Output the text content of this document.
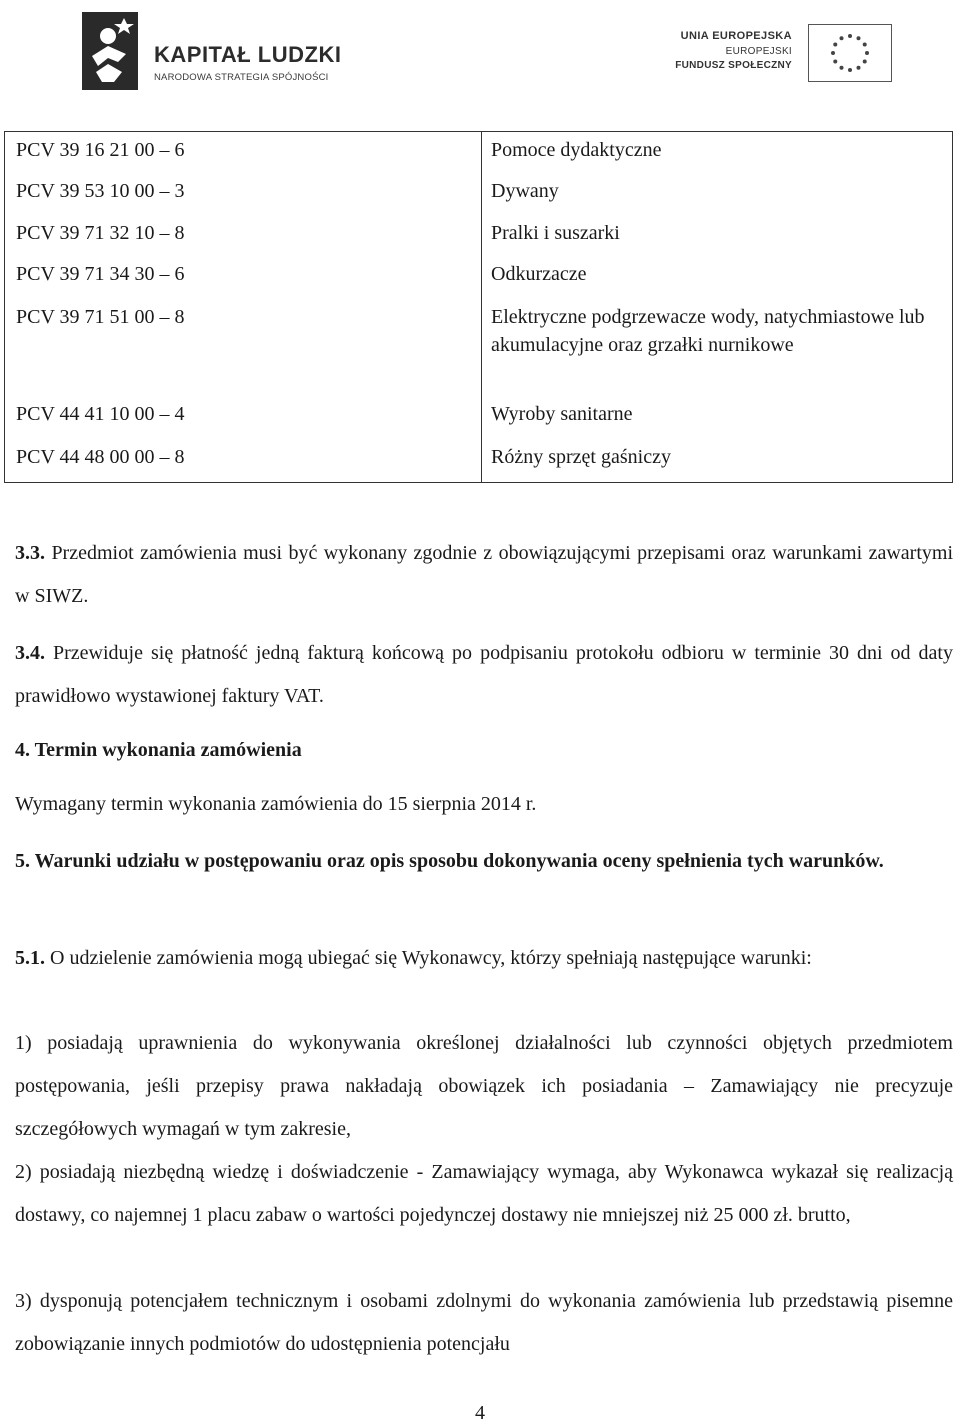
KAPITAŁ LUDZKI
NARODOWA STRATEGIA SPÓJNOŚCI
UNIA EUROPEJSKA
EUROPEJSKI
FUNDUSZ SPOŁECZNY
PCV 39 16 21 00 – 6	Pomoce dydaktyczne
PCV 39 53 10 00 – 3	Dywany
PCV 39 71 32 10 – 8	Pralki i suszarki
PCV 39 71 34 30 – 6	Odkurzacze
PCV 39 71 51 00 – 8	Elektryczne podgrzewacze wody, natychmiastowe lub akumulacyjne oraz grzałki nurnikowe
PCV 44 41 10 00 – 4	Wyroby sanitarne
PCV 44 48 00 00 – 8	Różny sprzęt gaśniczy
3.3. Przedmiot zamówienia musi być wykonany zgodnie z obowiązującymi przepisami oraz warunkami zawartymi w SIWZ.
3.4. Przewiduje się płatność jedną fakturą końcową po podpisaniu protokołu odbioru w terminie 30 dni od daty prawidłowo wystawionej faktury VAT.
4. Termin wykonania zamówienia
Wymagany termin wykonania zamówienia do 15 sierpnia 2014 r.
5. Warunki udziału w postępowaniu oraz opis sposobu dokonywania oceny spełnienia tych warunków.
5.1. O udzielenie zamówienia mogą ubiegać się Wykonawcy, którzy spełniają następujące warunki:
1) posiadają uprawnienia do wykonywania określonej działalności lub czynności objętych przedmiotem postępowania, jeśli przepisy prawa nakładają obowiązek ich posiadania – Zamawiający nie precyzuje szczegółowych wymagań w tym zakresie,
2) posiadają niezbędną wiedzę i doświadczenie - Zamawiający wymaga, aby Wykonawca wykazał się realizacją dostawy, co najemnej 1 placu zabaw o wartości pojedynczej dostawy nie mniejszej niż 25 000 zł. brutto,
3) dysponują potencjałem technicznym i osobami zdolnymi do wykonania zamówienia lub przedstawią pisemne zobowiązanie innych podmiotów do udostępnienia potencjału
4
